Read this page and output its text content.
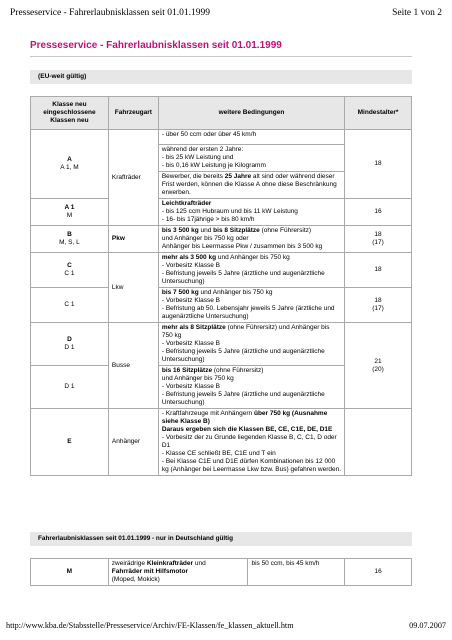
Presseservice - Fahrerlaubnisklassen seit 01.01.1999	Seite 1 von 2
Presseservice - Fahrerlaubnisklassen seit 01.01.1999
(EU-weit gültig)
Klasse neu
eingeschlossene
Klassen neu	Fahrzeugart	weitere Bedingungen	Mindestalter*

A
A 1, M	Krafträder	- über 50 ccm oder über 45 km/h	18

		während der ersten 2 Jahre:
- bis 25 kW Leistung und
- bis 0,16 kW Leistung je Kilogramm	

		Bewerber, die bereits 25 Jahre alt sind oder während dieser Frist werden, können die Klasse A ohne diese Beschränkung erwerben.	

A 1
M		Leichtkrafträder
- bis 125 ccm Hubraum und bis 11 kW Leistung
- 16- bis 17jährige > bis 80 km/h	16

B
M, S, L	Pkw	bis 3 500 kg und bis 8 Sitzplätze (ohne Führersitz)
und Anhänger bis 750 kg oder
Anhänger bis Leermasse Pkw / zusammen bis 3 500 kg	18
(17)

C
C 1	Lkw	mehr als 3 500 kg und Anhänger bis 750 kg
- Vorbesitz Klasse B
- Befristung jeweils 5 Jahre (ärztliche und augenärztliche Untersuchung)	18
C 1		bis 7 500 kg und Anhänger bis 750 kg
- Vorbesitz Klasse B
- Befristung ab 50. Lebensjahr jeweils 5 Jahre (ärztliche und augenärztliche Untersuchung)	18
(17)

D
D 1	Busse	mehr als 8 Sitzplätze (ohne Führersitz) und Anhänger bis 750 kg
- Vorbesitz Klasse B
- Befristung jeweils 5 Jahre (ärztliche und augenärztliche Untersuchung)	21
(20)

D 1		bis 16 Sitzplätze (ohne Führersitz)
und Anhänger bis 750 kg
- Vorbesitz Klasse B
- Befristung jeweils 5 Jahre (ärztliche und augenärztliche Untersuchung)	

E	Anhänger	- Kraftfahrzeuge mit Anhängern über 750 kg (Ausnahme siehe Klasse B)
Daraus ergeben sich die Klassen BE, CE, C1E, DE, D1E
- Vorbesitz der zu Grunde liegenden Klasse B, C, C1, D oder D1
- Klasse CE schließt BE, C1E und T ein
- Bei Klasse C1E und D1E dürfen Kombinationen bis 12 000 kg (Anhänger bei Leermasse Lkw bzw. Bus) gefahren werden.	

Fahrerlaubnisklassen seit 01.01.1999 - nur in Deutschland gültig
M
	zweirädrige Kleinkrafträder und
Fahrräder mit Hilfsmotor
(Moped, Mokick)
	bis 50 ccm, bis 45 km/h	16
http://www.kba.de/Stabsstelle/Presseservice/Archiv/FE-Klassen/fe_klassen_aktuell.htm	09.07.2007
